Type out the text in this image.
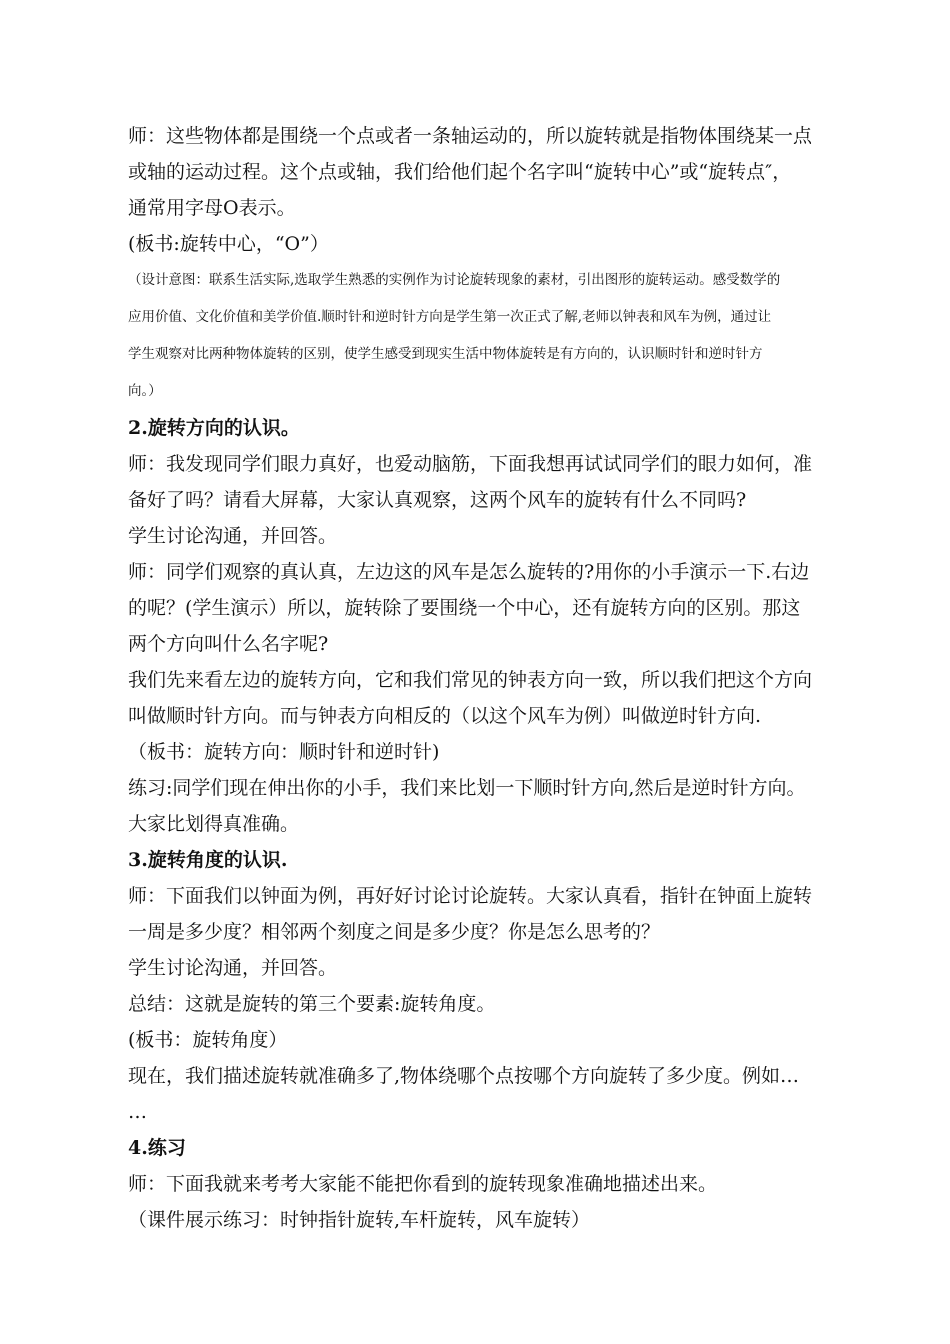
师：这些物体都是围绕一个点或者一条轴运动的，所以旋转就是指物体围绕某一点
或轴的运动过程。这个点或轴，我们给他们起个名字叫“旋转中心”或“旋转点″，
通常用字母O表示。
(板书:旋转中心，“O”）
（设计意图：联系生活实际,选取学生熟悉的实例作为讨论旋转现象的素材，引出图形的旋转运动。感受数学的
应用价值、文化价值和美学价值.顺时针和逆时针方向是学生第一次正式了解,老师以钟表和风车为例，通过让
学生观察对比两种物体旋转的区别，使学生感受到现实生活中物体旋转是有方向的，认识顺时针和逆时针方
向。）
2.旋转方向的认识。
师：我发现同学们眼力真好，也爱动脑筋，下面我想再试试同学们的眼力如何，准
备好了吗？请看大屏幕，大家认真观察，这两个风车的旋转有什么不同吗?
学生讨论沟通，并回答。
师：同学们观察的真认真，左边这的风车是怎么旋转的?用你的小手演示一下.右边
的呢？(学生演示）所以，旋转除了要围绕一个中心，还有旋转方向的区别。那这
两个方向叫什么名字呢?
我们先来看左边的旋转方向，它和我们常见的钟表方向一致，所以我们把这个方向
叫做顺时针方向。而与钟表方向相反的（以这个风车为例）叫做逆时针方向.
（板书：旋转方向：顺时针和逆时针)
练习:同学们现在伸出你的小手，我们来比划一下顺时针方向,然后是逆时针方向。
大家比划得真准确。
3.旋转角度的认识.
师：下面我们以钟面为例，再好好讨论讨论旋转。大家认真看，指针在钟面上旋转
一周是多少度？相邻两个刻度之间是多少度？你是怎么思考的？
学生讨论沟通，并回答。
总结：这就是旋转的第三个要素:旋转角度。
(板书：旋转角度）
现在，我们描述旋转就准确多了,物体绕哪个点按哪个方向旋转了多少度。例如…
…
4.练习
师：下面我就来考考大家能不能把你看到的旋转现象准确地描述出来。
（课件展示练习：时钟指针旋转,车杆旋转，风车旋转）
